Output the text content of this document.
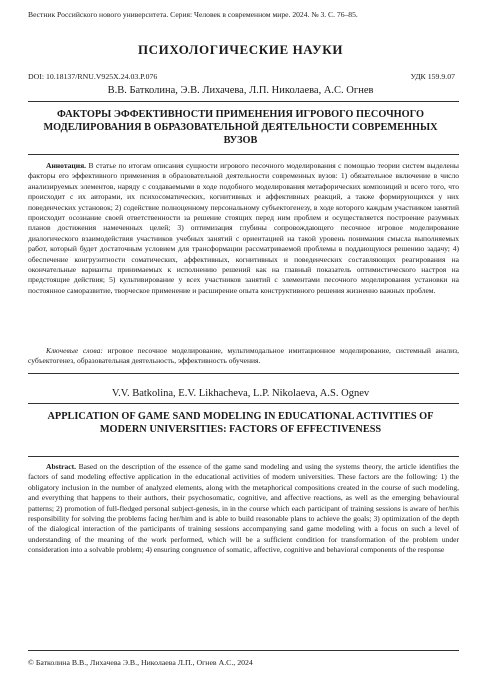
Вестник Российского нового университета. Серия: Человек в современном мире. 2024. № 3. С. 76–85.
ПСИХОЛОГИЧЕСКИЕ НАУКИ
DOI: 10.18137/RNU.V925X.24.03.P.076	УДК 159.9.07
В.В. Батколина, Э.В. Лихачева, Л.П. Николаева, А.С. Огнев
ФАКТОРЫ ЭФФЕКТИВНОСТИ ПРИМЕНЕНИЯ ИГРОВОГО ПЕСОЧНОГО МОДЕЛИРОВАНИЯ В ОБРАЗОВАТЕЛЬНОЙ ДЕЯТЕЛЬНОСТИ СОВРЕМЕННЫХ ВУЗОВ
Аннотация. В статье по итогам описания сущности игрового песочного моделирования с помощью теории систем выделены факторы его эффективного применения в образовательной деятельности современных вузов: 1) обязательное включение в число анализируемых элементов, наряду с создаваемыми в ходе подобного моделирования метафорических композиций и всего того, что происходит с их авторами, их психосоматических, когнитивных и аффективных реакций, а также формирующихся у них поведенческих установок; 2) содействие полноценному персональному субъектогенезу, в ходе которого каждым участником занятий происходит осознание своей ответственности за решение стоящих перед ним проблем и осуществляется построение разумных планов достижения намеченных целей; 3) оптимизация глубины сопровождающего песочное игровое моделирование диалогического взаимодействия участников учебных занятий с ориентацией на такой уровень понимания смысла выполняемых работ, который будет достаточным условием для трансформации рассматриваемой проблемы в поддающуюся решению задачу; 4) обеспечение конгруэнтности соматических, аффективных, когнитивных и поведенческих составляющих реагирования на окончательные варианты принимаемых к исполнению решений как на главный показатель оптимистического настроя на предстоящие действия; 5) культивирование у всех участников занятий с элементами песочного моделирования установки на постоянное саморазвитие, творческое применение и расширение опыта конструктивного решения жизненно важных проблем.
Ключевые слова: игровое песочное моделирование, мультимодальное имитационное моделирование, системный анализ, субъектогенез, образовательная деятельность, эффективность обучения.
V.V. Batkolina, E.V. Likhacheva, L.P. Nikolaeva, A.S. Ognev
APPLICATION OF GAME SAND MODELING IN EDUCATIONAL ACTIVITIES OF MODERN UNIVERSITIES: FACTORS OF EFFECTIVENESS
Abstract. Based on the description of the essence of the game sand modeling and using the systems theory, the article identifies the factors of sand modeling effective application in the educational activities of modern universities. These factors are the following: 1) the obligatory inclusion in the number of analyzed elements, along with the metaphorical compositions created in the course of such modeling, and everything that happens to their authors, their psychosomatic, cognitive, and affective reactions, as well as the emerging behavioural patterns; 2) promotion of full-fledged personal subject-genesis, in in the course which each participant of training sessions is aware of her/his responsibility for solving the problems facing her/him and is able to build reasonable plans to achieve the goals; 3) optimization of the depth of the dialogical interaction of the participants of training sessions accompanying sand game modeling with a focus on such a level of understanding of the meaning of the work performed, which will be a sufficient condition for transformation of the problem under consideration into a solvable problem; 4) ensuring congruence of somatic, affective, cognitive and behavioral components of the response
© Батколина В.В., Лихачева Э.В., Николаева Л.П., Огнев А.С., 2024
